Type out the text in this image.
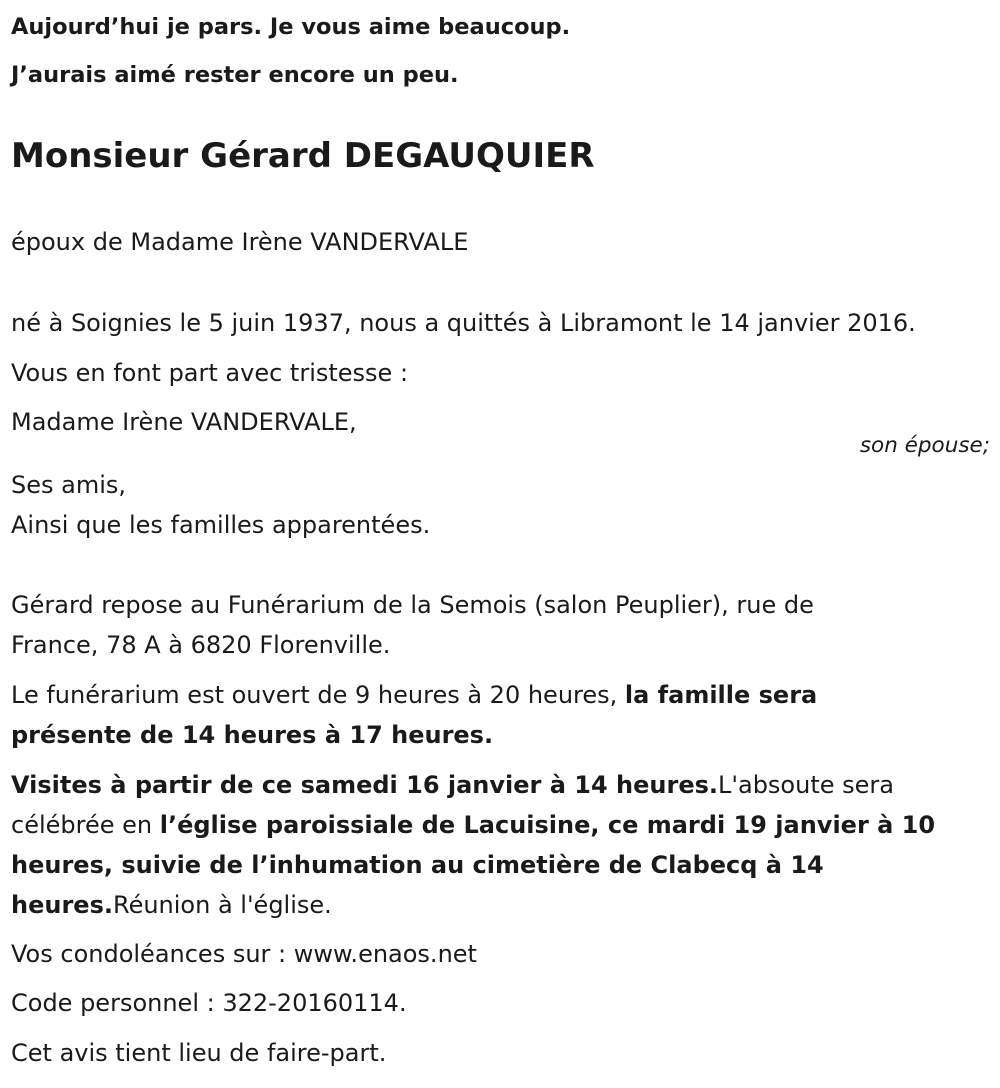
Aujourd’hui je pars. Je vous aime beaucoup.
J’aurais aimé rester encore un peu.
Monsieur Gérard DEGAUQUIER
époux de Madame Irène VANDERVALE
né à Soignies le 5 juin 1937, nous a quittés à Libramont le 14 janvier 2016.
Vous en font part avec tristesse :
Madame Irène VANDERVALE,
son épouse;
Ses amis,
Ainsi que les familles apparentées.
Gérard repose au Funérarium de la Semois (salon Peuplier), rue de
France, 78 A à 6820 Florenville.
Le funérarium est ouvert de 9 heures à 20 heures, la famille sera
présente de 14 heures à 17 heures.
Visites à partir de ce samedi 16 janvier à 14 heures.L'absoute sera
célébrée en l’église paroissiale de Lacuisine, ce mardi 19 janvier à 10
heures, suivie de l’inhumation au cimetière de Clabecq à 14
heures.Réunion à l'église.
Vos condoléances sur : www.enaos.net
Code personnel : 322-20160114.
Cet avis tient lieu de faire-part.
